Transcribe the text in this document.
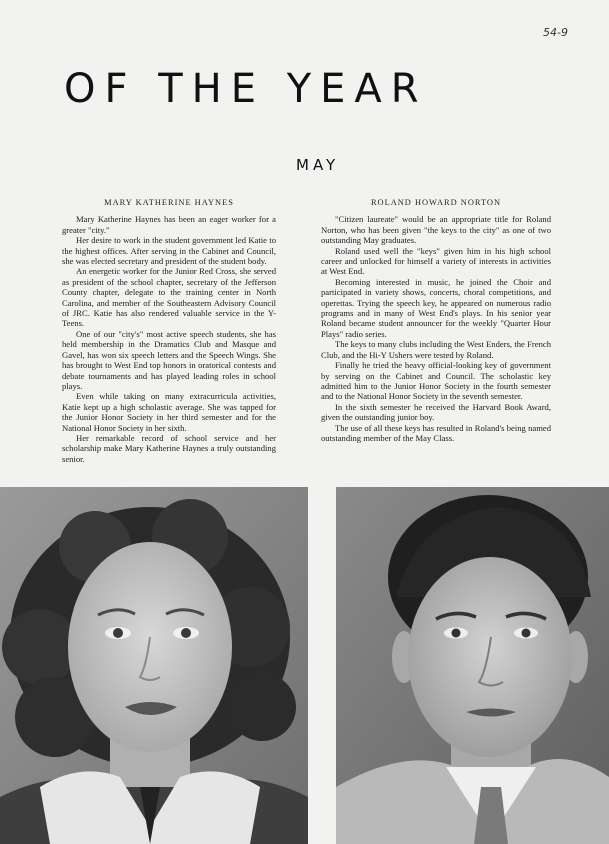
54-9
OF THE YEAR
MAY
MARY KATHERINE HAYNES

Mary Katherine Haynes has been an eager worker for a greater "city."

Her desire to work in the student government led Katie to the highest offices. After serving in the Cabinet and Council, she was elected secretary and president of the student body.

An energetic worker for the Junior Red Cross, she served as president of the school chapter, secretary of the Jefferson County chapter, delegate to the training center in North Carolina, and member of the Southeastern Advisory Council of JRC. Katie has also rendered valuable service in the Y-Teens.

One of our "city's" most active speech students, she has held membership in the Dramatics Club and Masque and Gavel, has won six speech letters and the Speech Wings. She has brought to West End top honors in oratorical contests and debate tournaments and has played leading roles in school plays.

Even while taking on many extracurricula activities, Katie kept up a high scholastic average. She was tapped for the Junior Honor Society in her third semester and for the National Honor Society in her sixth.

Her remarkable record of school service and her scholarship make Mary Katherine Haynes a truly outstanding senior.

ROLAND HOWARD NORTON

"Citizen laureate" would be an appropriate title for Roland Norton, who has been given "the keys to the city" as one of two outstanding May graduates.

Roland used well the "keys" given him in his high school career and unlocked for himself a variety of interests in activities at West End.

Becoming interested in music, he joined the Choir and participated in variety shows, concerts, choral competitions, and operettas. Trying the speech key, he appeared on numerous radio programs and in many of West End's plays. In his senior year Roland became student announcer for the weekly "Quarter Hour Plays" radio series.

The keys to many clubs including the West Enders, the French Club, and the Hi-Y Ushers were tested by Roland.

Finally he tried the heavy official-looking key of government by serving on the Cabinet and Council. The scholastic key admitted him to the Junior Honor Society in the fourth semester and to the National Honor Society in the seventh semester.

In the sixth semester he received the Harvard Book Award, given the outstanding junior boy.

The use of all these keys has resulted in Roland's being named outstanding member of the May Class.
